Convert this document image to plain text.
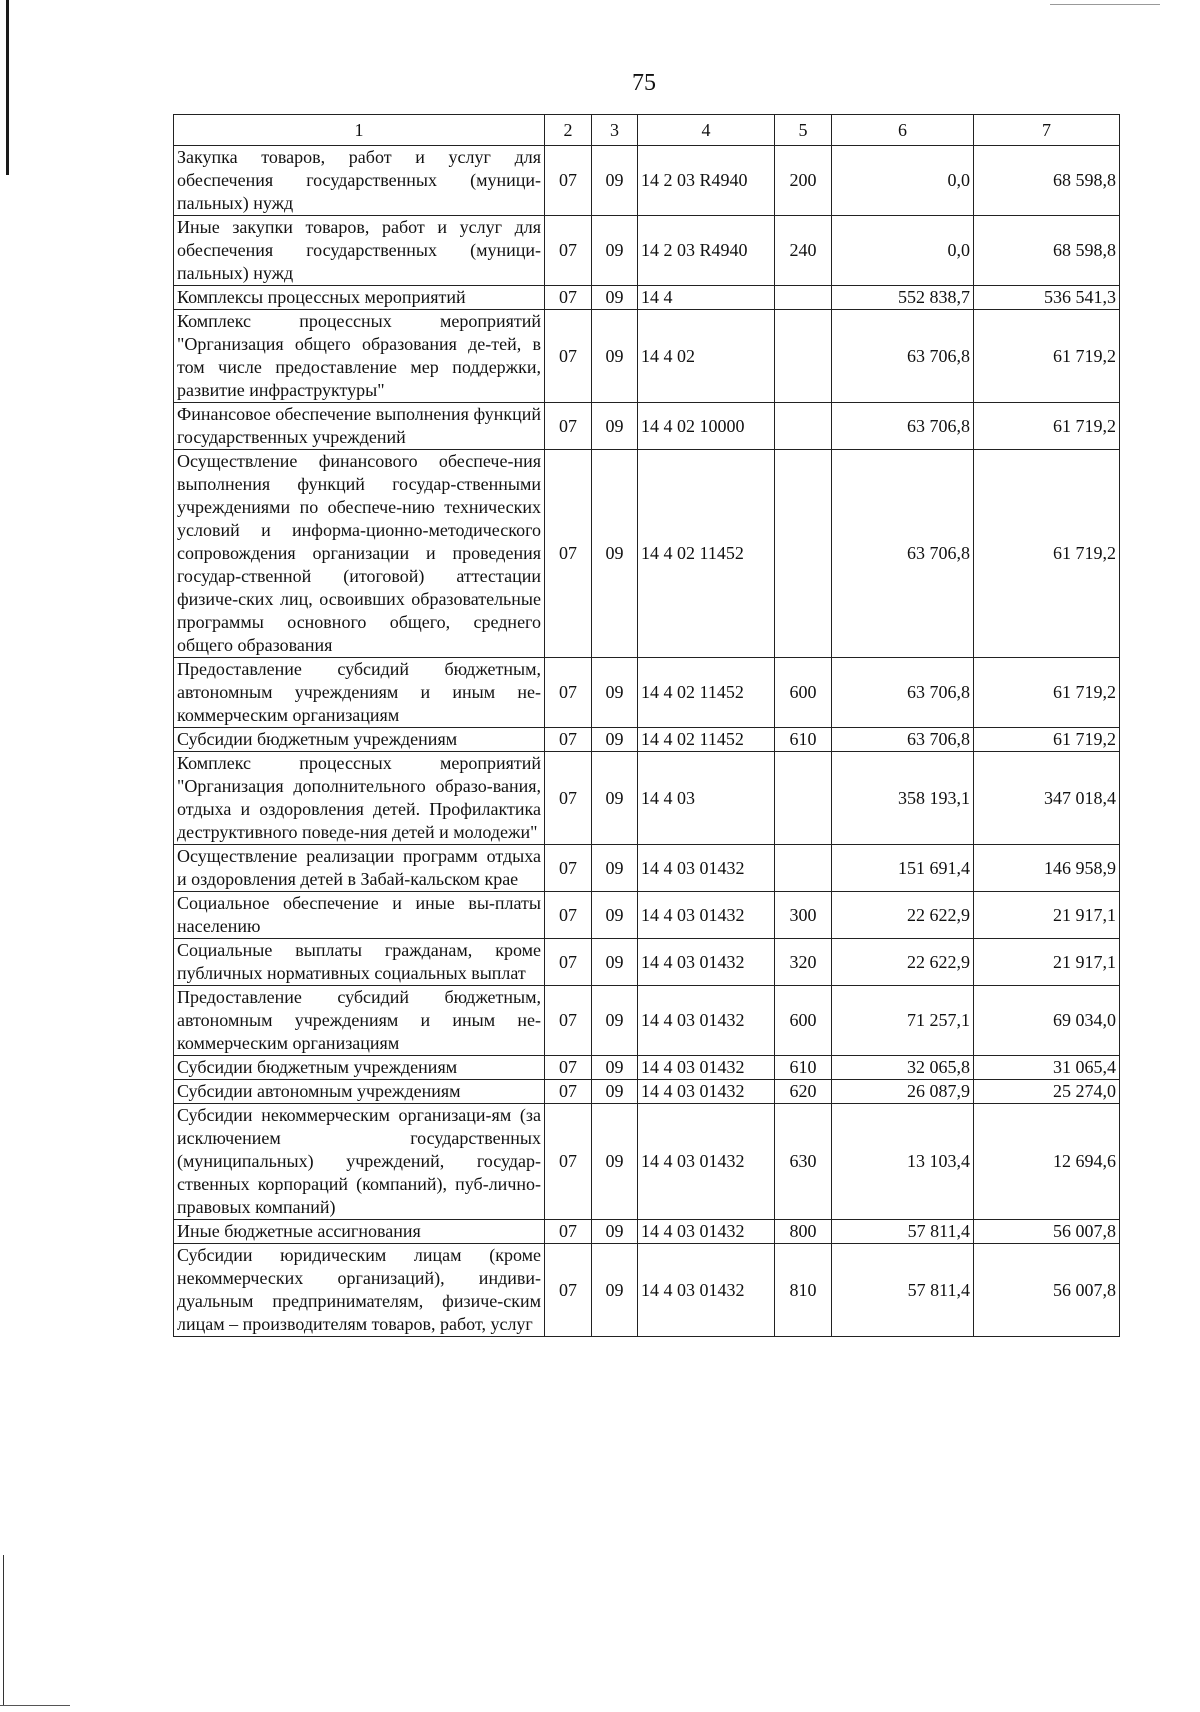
75
1	2	3	4	5	6	7
Закупка товаров, работ и услуг для обеспечения государственных (муници-пальных) нужд	07	09	14 2 03 R4940	200	0,0	68 598,8
Иные закупки товаров, работ и услуг для обеспечения государственных (муници-пальных) нужд	07	09	14 2 03 R4940	240	0,0	68 598,8
Комплексы процессных мероприятий	07	09	14 4		552 838,7	536 541,3
Комплекс процессных мероприятий "Организация общего образования де-тей, в том числе предоставление мер поддержки, развитие инфраструктуры"	07	09	14 4 02		63 706,8	61 719,2
Финансовое обеспечение выполнения функций государственных учреждений	07	09	14 4 02 10000		63 706,8	61 719,2
Осуществление финансового обеспече-ния выполнения функций государ-ственными учреждениями по обеспече-нию технических условий и информа-ционно-методического сопровождения организации и проведения государ-ственной (итоговой) аттестации физиче-ских лиц, освоивших образовательные программы основного общего, среднего общего образования	07	09	14 4 02 11452		63 706,8	61 719,2
Предоставление субсидий бюджетным, автономным учреждениям и иным не-коммерческим организациям	07	09	14 4 02 11452	600	63 706,8	61 719,2
Субсидии бюджетным учреждениям	07	09	14 4 02 11452	610	63 706,8	61 719,2
Комплекс процессных мероприятий "Организация дополнительного образо-вания, отдыха и оздоровления детей. Профилактика деструктивного поведе-ния детей и молодежи"	07	09	14 4 03		358 193,1	347 018,4
Осуществление реализации программ отдыха и оздоровления детей в Забай-кальском крае	07	09	14 4 03 01432		151 691,4	146 958,9
Социальное обеспечение и иные вы-платы населению	07	09	14 4 03 01432	300	22 622,9	21 917,1
Социальные выплаты гражданам, кроме публичных нормативных социальных выплат	07	09	14 4 03 01432	320	22 622,9	21 917,1
Предоставление субсидий бюджетным, автономным учреждениям и иным не-коммерческим организациям	07	09	14 4 03 01432	600	71 257,1	69 034,0
Субсидии бюджетным учреждениям	07	09	14 4 03 01432	610	32 065,8	31 065,4
Субсидии автономным учреждениям	07	09	14 4 03 01432	620	26 087,9	25 274,0
Субсидии некоммерческим организаци-ям (за исключением государственных (муниципальных) учреждений, государ-ственных корпораций (компаний), пуб-лично-правовых компаний)	07	09	14 4 03 01432	630	13 103,4	12 694,6
Иные бюджетные ассигнования	07	09	14 4 03 01432	800	57 811,4	56 007,8
Субсидии юридическим лицам (кроме некоммерческих организаций), индиви-дуальным предпринимателям, физиче-ским лицам – производителям товаров, работ, услуг	07	09	14 4 03 01432	810	57 811,4	56 007,8
